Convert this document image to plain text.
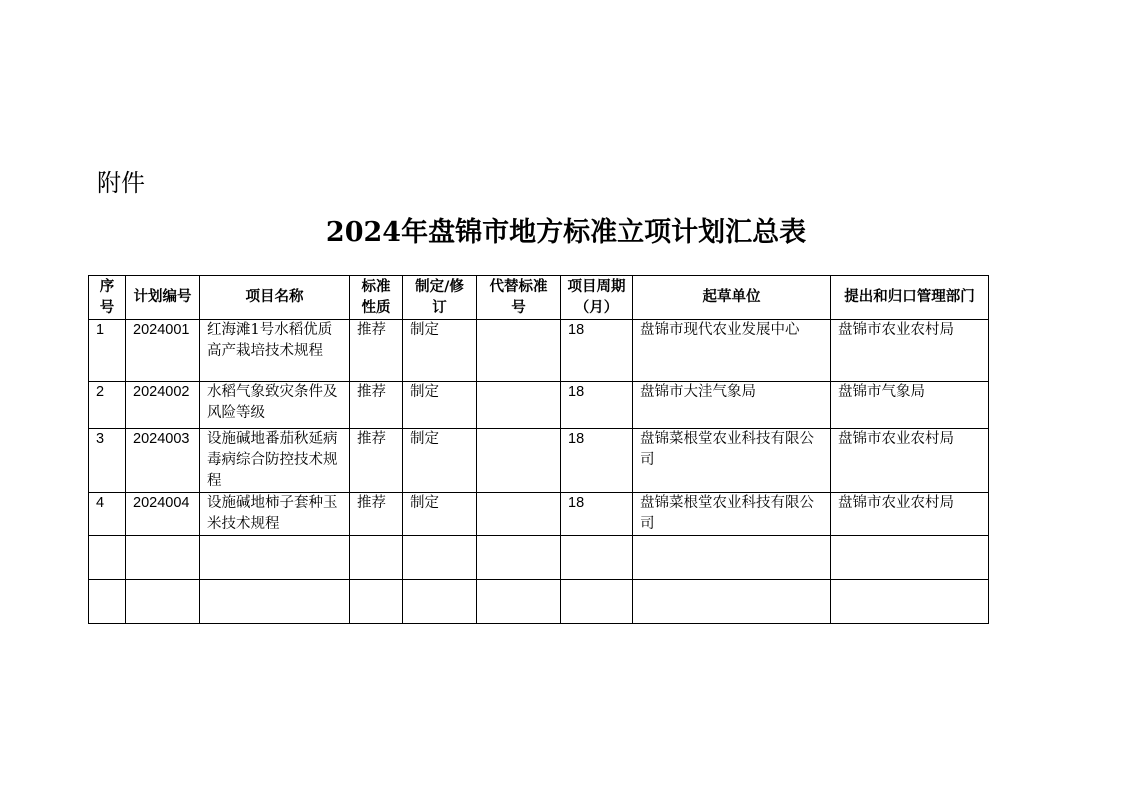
附件
2024年盘锦市地方标准立项计划汇总表
序号	计划编号	项目名称	标准性质	制定/修订	代替标准号	项目周期（月）	起草单位	提出和归口管理部门

1	2024001	红海滩1号水稻优质高产栽培技术规程	推荐	制定		18	盘锦市现代农业发展中心	盘锦市农业农村局
2	2024002	水稻气象致灾条件及风险等级	推荐	制定		18	盘锦市大洼气象局	盘锦市气象局
3	2024003	设施碱地番茄秋延病毒病综合防控技术规程	推荐	制定		18	盘锦菜根堂农业科技有限公司	盘锦市农业农村局
4	2024004	设施碱地柿子套种玉米技术规程	推荐	制定		18	盘锦菜根堂农业科技有限公司	盘锦市农业农村局
